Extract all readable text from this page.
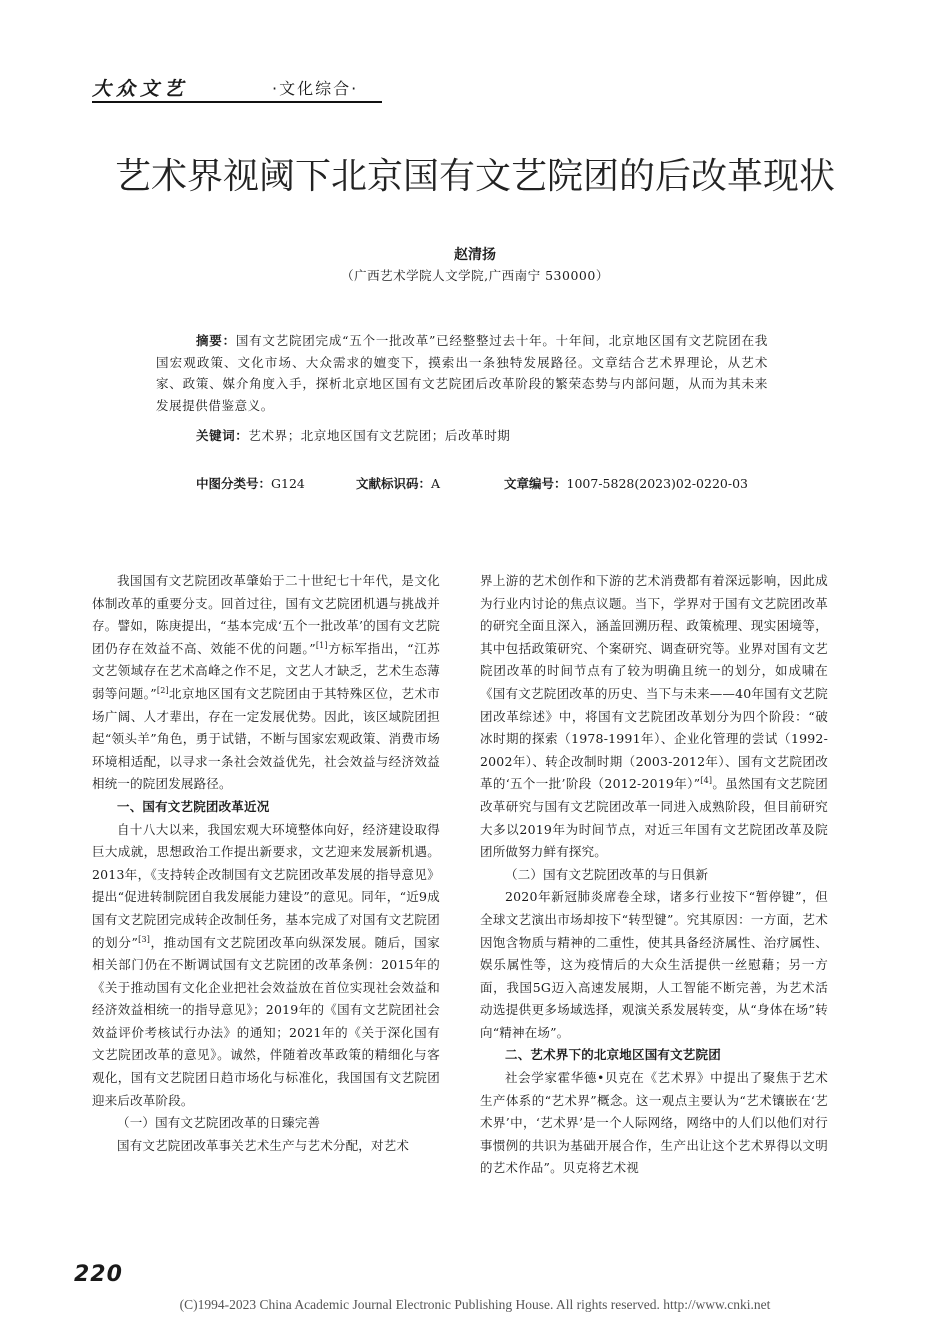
大众文艺	·文化综合·
艺术界视阈下北京国有文艺院团的后改革现状
赵清扬
（广西艺术学院人文学院,广西南宁 530000）

摘要：国有文艺院团完成“五个一批改革”已经整整过去十年。十年间，北京地区国有文艺院团在我国宏观政策、文化市场、大众需求的嬗变下，摸索出一条独特发展路径。文章结合艺术界理论，从艺术家、政策、媒介角度入手，探析北京地区国有文艺院团后改革阶段的繁荣态势与内部问题，从而为其未来发展提供借鉴意义。

关键词：艺术界；北京地区国有文艺院团；后改革时期
中图分类号：G124	文献标识码：A	文章编号：1007-5828(2023)02-0220-03

我国国有文艺院团改革肇始于二十世纪七十年代，是文化体制改革的重要分支。回首过往，国有文艺院团机遇与挑战并存。譬如，陈庚提出，“基本完成‘五个一批改革’的国有文艺院团仍存在效益不高、效能不优的问题。”[1]方标军指出，“江苏文艺领域存在艺术高峰之作不足，文艺人才缺乏，艺术生态薄弱等问题。”[2]北京地区国有文艺院团由于其特殊区位，艺术市场广阔、人才辈出，存在一定发展优势。因此，该区域院团担起“领头羊”角色，勇于试错，不断与国家宏观政策、消费市场环境相适配，以寻求一条社会效益优先，社会效益与经济效益相统一的院团发展路径。

一、国有文艺院团改革近况

自十八大以来，我国宏观大环境整体向好，经济建设取得巨大成就，思想政治工作提出新要求，文艺迎来发展新机遇。2013年，《支持转企改制国有文艺院团改革发展的指导意见》提出“促进转制院团自我发展能力建设”的意见。同年，“近9成国有文艺院团完成转企改制任务，基本完成了对国有文艺院团的划分”[3]，推动国有文艺院团改革向纵深发展。随后，国家相关部门仍在不断调试国有文艺院团的改革条例：2015年的《关于推动国有文化企业把社会效益放在首位实现社会效益和经济效益相统一的指导意见》；2019年的《国有文艺院团社会效益评价考核试行办法》的通知；2021年的《关于深化国有文艺院团改革的意见》。诚然，伴随着改革政策的精细化与客观化，国有文艺院团日趋市场化与标准化，我国国有文艺院团迎来后改革阶段。

（一）国有文艺院团改革的日臻完善

国有文艺院团改革事关艺术生产与艺术分配，对艺术

界上游的艺术创作和下游的艺术消费都有着深远影响，因此成为行业内讨论的焦点议题。当下，学界对于国有文艺院团改革的研究全面且深入，涵盖回溯历程、政策梳理、现实困境等，其中包括政策研究、个案研究、调查研究等。业界对国有文艺院团改革的时间节点有了较为明确且统一的划分，如成啸在《国有文艺院团改革的历史、当下与未来——40年国有文艺院团改革综述》中，将国有文艺院团改革划分为四个阶段：“破冰时期的探索（1978-1991年）、企业化管理的尝试（1992-2002年）、转企改制时期（2003-2012年）、国有文艺院团改革的‘五个一批’阶段（2012-2019年）”[4]。虽然国有文艺院团改革研究与国有文艺院团改革一同进入成熟阶段，但目前研究大多以2019年为时间节点，对近三年国有文艺院团改革及院团所做努力鲜有探究。

（二）国有文艺院团改革的与日俱新

2020年新冠肺炎席卷全球，诸多行业按下“暂停键”，但全球文艺演出市场却按下“转型键”。究其原因：一方面，艺术因饱含物质与精神的二重性，使其具备经济属性、治疗属性、娱乐属性等，这为疫情后的大众生活提供一丝慰藉；另一方面，我国5G迈入高速发展期，人工智能不断完善，为艺术活动选提供更多场域选择，观演关系发展转变，从“身体在场”转向“精神在场”。

二、艺术界下的北京地区国有文艺院团

社会学家霍华德•贝克在《艺术界》中提出了聚焦于艺术生产体系的“艺术界”概念。这一观点主要认为“艺术镶嵌在‘艺术界’中，‘艺术界’是一个人际网络，网络中的人们以他们对行事惯例的共识为基础开展合作，生产出让这个艺术界得以文明的艺术作品”。贝克将艺术视

220
(C)1994-2023 China Academic Journal Electronic Publishing House. All rights reserved. http://www.cnki.net
